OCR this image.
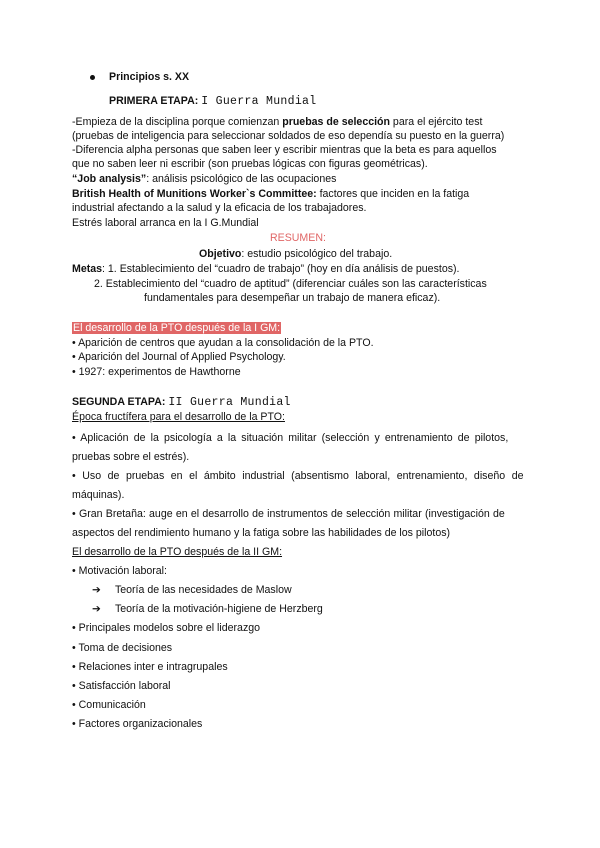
Principios s. XX
PRIMERA ETAPA: I Guerra Mundial
-Empieza de la disciplina porque comienzan pruebas de selección para el ejército test
(pruebas de inteligencia para seleccionar soldados de eso dependía su puesto en la guerra)
-Diferencia alpha personas que saben leer y escribir mientras que la beta es para aquellos
que no saben leer ni escribir (son pruebas lógicas con figuras geométricas).
“Job analysis”: análisis psicológico de las ocupaciones
British Health of Munitions Worker`s Committee: factores que inciden en la fatiga
industrial afectando a la salud y la eficacia de los trabajadores.
Estrés laboral arranca en la I G.Mundial
RESUMEN:
Objetivo: estudio psicológico del trabajo.
Metas: 1. Establecimiento del “cuadro de trabajo” (hoy en día análisis de puestos).
2. Establecimiento del “cuadro de aptitud” (diferenciar cuáles son las características
fundamentales para desempeñar un trabajo de manera eficaz).
El desarrollo de la PTO después de la I GM:
• Aparición de centros que ayudan a la consolidación de la PTO.
• Aparición del Journal of Applied Psychology.
• 1927: experimentos de Hawthorne
SEGUNDA ETAPA: II Guerra Mundial
Época fructífera para el desarrollo de la PTO:
• Aplicación de la psicología a la situación militar (selección y entrenamiento de pilotos,
pruebas sobre el estrés).
• Uso de pruebas en el ámbito industrial (absentismo laboral, entrenamiento, diseño de
máquinas).
• Gran Bretaña: auge en el desarrollo de instrumentos de selección militar (investigación de
aspectos del rendimiento humano y la fatiga sobre las habilidades de los pilotos)
El desarrollo de la PTO después de la II GM:
• Motivación laboral:
➔ Teoría de las necesidades de Maslow
➔ Teoría de la motivación-higiene de Herzberg
• Principales modelos sobre el liderazgo
• Toma de decisiones
• Relaciones inter e intragrupales
• Satisfacción laboral
• Comunicación
• Factores organizacionales
